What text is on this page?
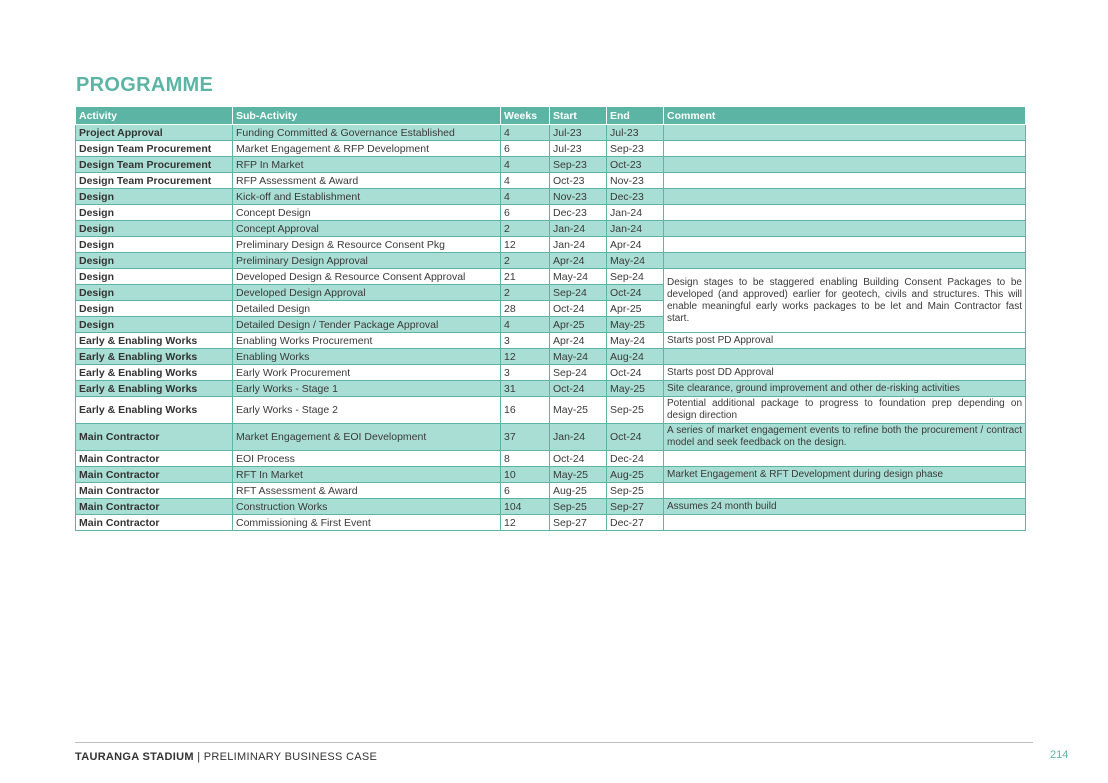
PROGRAMME
Activity	Sub-Activity	Weeks	Start	End	Comment
Project Approval	Funding Committed & Governance Established	4	Jul-23	Jul-23	
Design Team Procurement	Market Engagement & RFP Development	6	Jul-23	Sep-23	
Design Team Procurement	RFP In Market	4	Sep-23	Oct-23	
Design Team Procurement	RFP Assessment & Award	4	Oct-23	Nov-23	
Design	Kick-off and Establishment	4	Nov-23	Dec-23	
Design	Concept Design	6	Dec-23	Jan-24	
Design	Concept Approval	2	Jan-24	Jan-24	
Design	Preliminary Design & Resource Consent Pkg	12	Jan-24	Apr-24	
Design	Preliminary Design Approval	2	Apr-24	May-24	
Design	Developed Design & Resource Consent Approval	21	May-24	Sep-24	Design stages to be staggered enabling Building Consent Packages to be developed (and approved) earlier for geotech, civils and structures. This will enable meaningful early works packages to be let and Main Contractor fast start.
Design	Developed Design Approval	2	Sep-24	Oct-24	
Design	Detailed Design	28	Oct-24	Apr-25	
Design	Detailed Design / Tender Package Approval	4	Apr-25	May-25	
Early & Enabling Works	Enabling Works Procurement	3	Apr-24	May-24	Starts post PD Approval
Early & Enabling Works	Enabling Works	12	May-24	Aug-24	
Early & Enabling Works	Early Work Procurement	3	Sep-24	Oct-24	Starts post DD Approval
Early & Enabling Works	Early Works - Stage 1	31	Oct-24	May-25	Site clearance, ground improvement and other de-risking activities
Early & Enabling Works	Early Works - Stage 2	16	May-25	Sep-25	Potential additional package to progress to foundation prep depending on design direction
Main Contractor	Market Engagement & EOI Development	37	Jan-24	Oct-24	A series of market engagement events to refine both the procurement / contract model and seek feedback on the design.
Main Contractor	EOI Process	8	Oct-24	Dec-24	
Main Contractor	RFT In Market	10	May-25	Aug-25	Market Engagement & RFT Development during design phase
Main Contractor	RFT Assessment & Award	6	Aug-25	Sep-25	
Main Contractor	Construction Works	104	Sep-25	Sep-27	Assumes 24 month build
Main Contractor	Commissioning & First Event	12	Sep-27	Dec-27	
TAURANGA STADIUM | PRELIMINARY BUSINESS CASE	214
